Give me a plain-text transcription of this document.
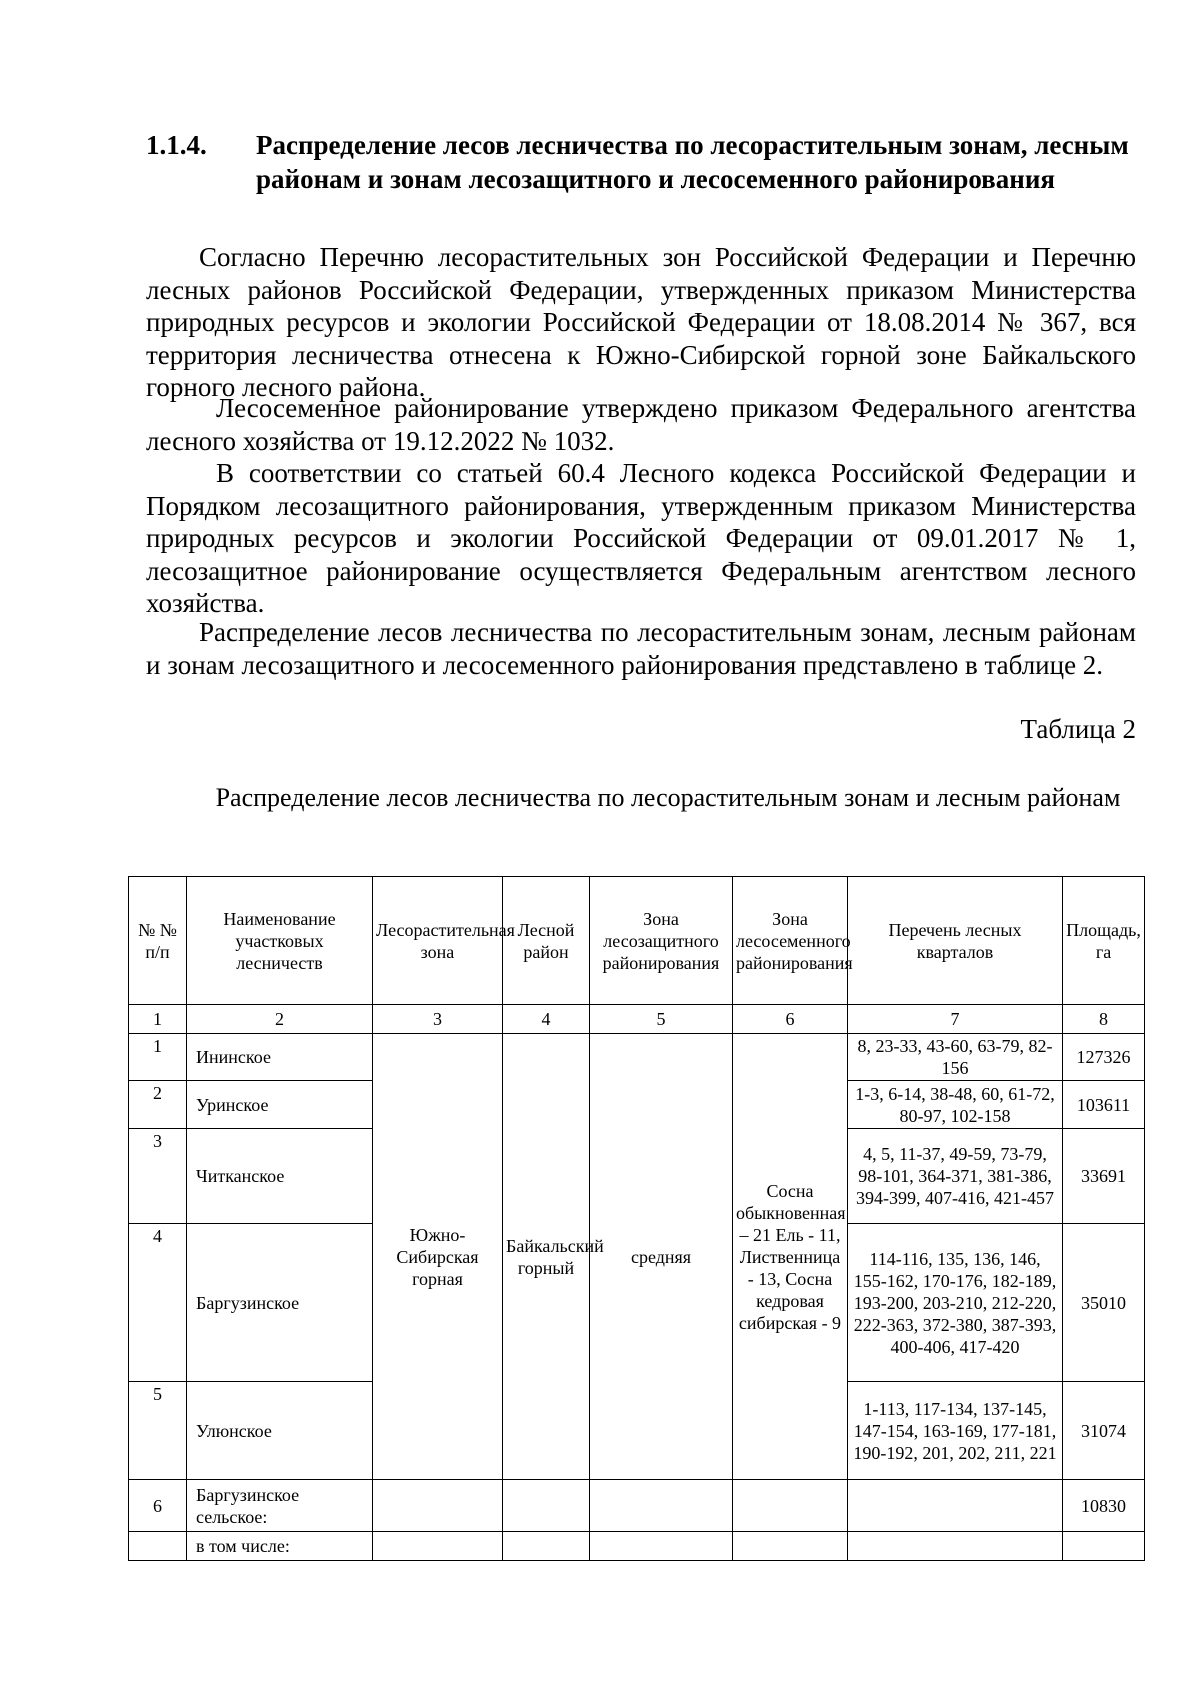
1.1.4. Распределение лесов лесничества по лесорастительным зонам, лесным
районам и зонам лесозащитного и лесосеменного районирования

Согласно Перечню лесорастительных зон Российской Федерации и Перечню лесных районов Российской Федерации, утвержденных приказом Министерства природных ресурсов и экологии Российской Федерации от 18.08.2014 № 367, вся территория лесничества отнесена к Южно-Сибирской горной зоне Байкальского горного лесного района.

Лесосеменное районирование утверждено приказом Федерального агентства лесного хозяйства от 19.12.2022 № 1032.

В соответствии со статьей 60.4 Лесного кодекса Российской Федерации и Порядком лесозащитного районирования, утвержденным приказом Министерства природных ресурсов и экологии Российской Федерации от 09.01.2017 № 1, лесозащитное районирование осуществляется Федеральным агентством лесного хозяйства.

Распределение лесов лесничества по лесорастительным зонам, лесным районам и зонам лесозащитного и лесосеменного районирования представлено в таблице 2.

Таблица 2

Распределение лесов лесничества по лесорастительным зонам и лесным районам

№ № п/п	Наименование участковых лесничеств	Лесорастительная зона	Лесной район	Зона лесозащитного районирования	Зона лесосеменного районирования	Перечень лесных кварталов	Площадь, га
1	2	3	4	5	6	7	8
1	Ининское	Южно-Сибирская горная	Байкальский горный	средняя	Сосна обыкновенная – 21 Ель - 11, Лиственница - 13, Сосна кедровая сибирская - 9	8, 23-33, 43-60, 63-79, 82-156	127326
2	Уринское					1-3, 6-14, 38-48, 60, 61-72, 80-97, 102-158	103611
3	Читканское					4, 5, 11-37, 49-59, 73-79, 98-101, 364-371, 381-386, 394-399, 407-416, 421-457	33691
4	Баргузинское					114-116, 135, 136, 146, 155-162, 170-176, 182-189, 193-200, 203-210, 212-220, 222-363, 372-380, 387-393, 400-406, 417-420	35010
5	Улюнское					1-113, 117-134, 137-145, 147-154, 163-169, 177-181, 190-192, 201, 202, 211, 221	31074
6	Баргузинское сельское:						10830
	в том числе:						
